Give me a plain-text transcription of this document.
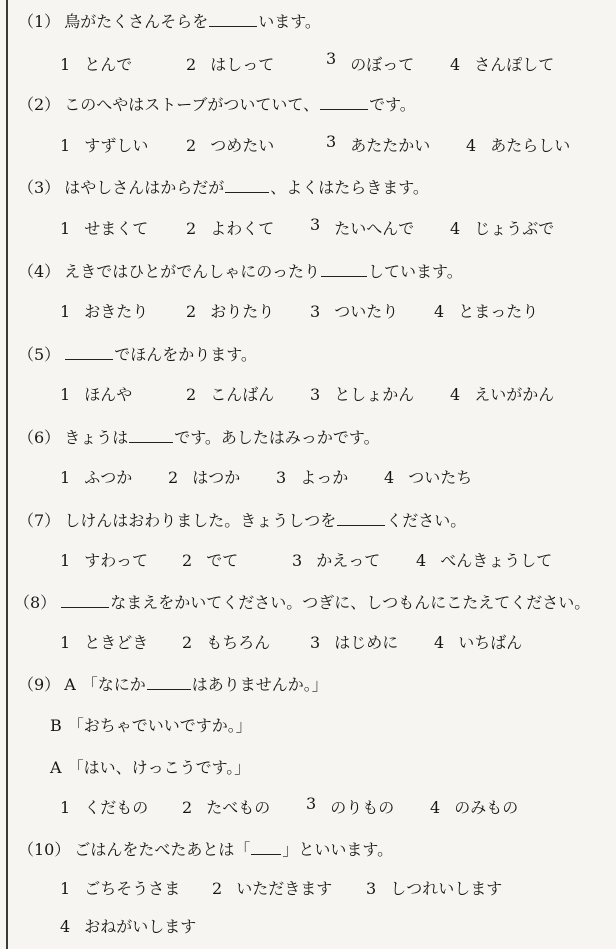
（1） 鳥がたくさんそらを	います。
1 とんで	2 はしって	3 のぼって 4 さんぽして
（2） このへやはストーブがついていて、	です。
1 すずしい 2 つめたい	3 あたたかい 4 あたらしい
（3） はやしさんはからだが	、よくはたらきます。
1 せまくて 2 よわくて 3 たいへんで 4 じょうぶで
（4） えきではひとがでんしゃにのったり	しています。
1 おきたり 2 おりたり 3 ついたり 4 とまったり
（5）	でほんをかります。
1 ほんや	2 こんばん 3 としょかん 4 えいがかん
（6） きょうは	です。あしたはみっかです。
1 ふつか 2 はつか 3 よっか 4 ついたち
（7） しけんはおわりました。きょうしつを	ください。
1 すわって 2 でて	3 かえって 4 べんきょうして
（8）	なまえをかいてください。つぎに、しつもんにこたえてください。
1 ときどき 2 もちろん 3 はじめに 4 いちばん
（9） A 「なにか	はありませんか。」
B 「おちゃでいいですか。」
A 「はい、けっこうです。」
1 くだもの 2 たべもの 3 のりもの 4 のみもの
（10） ごはんをたべたあとは「 」といいます。
1 ごちそうさま 2 いただきます 3 しつれいします
4 おねがいします
